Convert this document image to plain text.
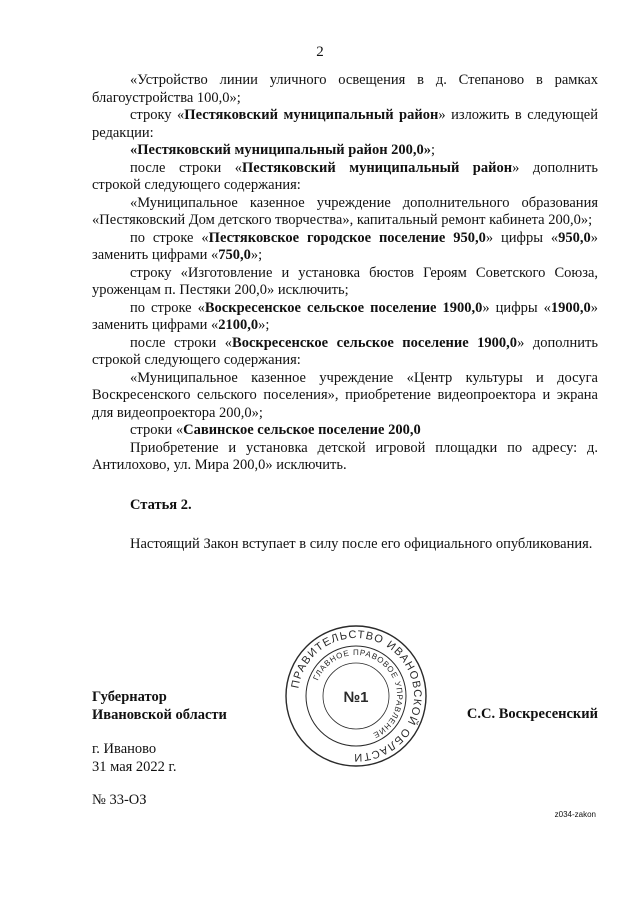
2

«Устройство линии уличного освещения в д. Степаново в рамках благоустройства 100,0»;

строку «Пестяковский муниципальный район» изложить в следующей редакции:

«Пестяковский муниципальный район 200,0»;

после строки «Пестяковский муниципальный район» дополнить строкой следующего содержания:

«Муниципальное казенное учреждение дополнительного образования «Пестяковский Дом детского творчества», капитальный ремонт кабинета 200,0»;

по строке «Пестяковское городское поселение 950,0» цифры «950,0» заменить цифрами «750,0»;

строку «Изготовление и установка бюстов Героям Советского Союза, уроженцам п. Пестяки 200,0» исключить;

по строке «Воскресенское сельское поселение 1900,0» цифры «1900,0» заменить цифрами «2100,0»;

после строки «Воскресенское сельское поселение 1900,0» дополнить строкой следующего содержания:

«Муниципальное казенное учреждение «Центр культуры и досуга Воскресенского сельского поселения», приобретение видеопроектора и экрана для видеопроектора 200,0»;

строки «Савинское сельское поселение 200,0

Приобретение и установка детской игровой площадки по адресу: д. Антилохово, ул. Мира 200,0» исключить.

Статья 2.
Настоящий Закон вступает в силу после его официального опубликования.
ПРАВИТЕЛЬСТВО ИВАНОВСКОЙ ОБЛАСТИ
ГЛАВНОЕ ПРАВОВОЕ УПРАВЛЕНИЕ
№1
Губернатор
Ивановской области	С.С. Воскресенский
г. Иваново
31 мая 2022 г.
№ 33-ОЗ
z034-zakon
